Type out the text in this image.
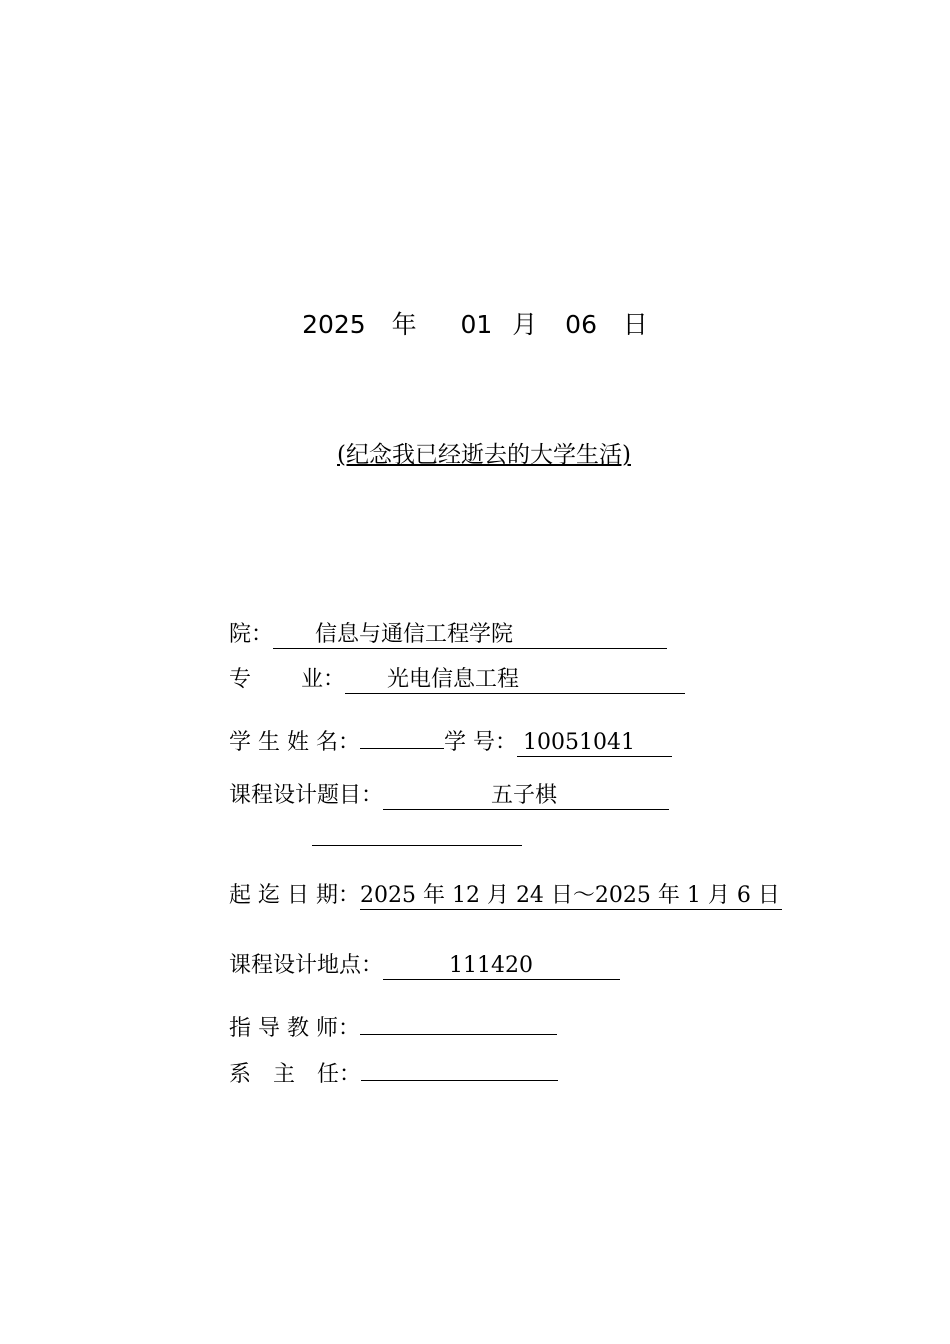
2025 年 01 月 06 日
(纪念我已经逝去的大学生活)
院： 信息与通信工程学院
专 业： 光电信息工程
学 生 姓 名：	学 号： 10051041
课程设计题目：	五子棋
起 迄 日 期：2025 年 12 月 24 日～2025 年 1 月 6 日
课程设计地点：	111420
指 导 教 师：
系　主　任：
